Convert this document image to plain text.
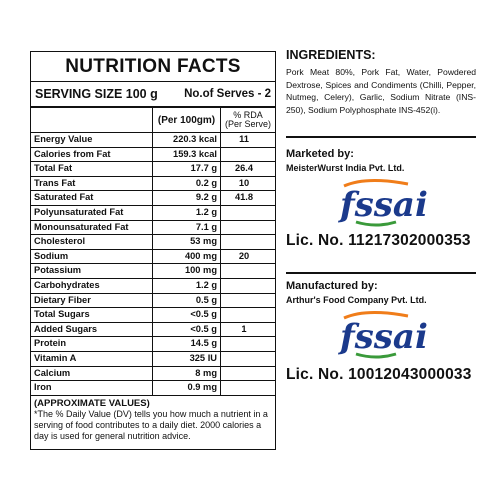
NUTRITION FACTS
SERVING SIZE 100 g No.of Serves - 2
(Per 100gm)	% RDA
(Per Serve)
Energy Value	220.3 kcal	11
Calories from Fat	159.3 kcal
Total Fat	17.7 g	26.4
Trans Fat	0.2 g	10
Saturated Fat	9.2 g	41.8
Polyunsaturated Fat	1.2 g
Monounsaturated Fat	7.1 g
Cholesterol	53 mg
Sodium	400 mg	20
Potassium	100 mg
Carbohydrates	1.2 g
Dietary Fiber	0.5 g
Total Sugars	<0.5 g
Added Sugars	<0.5 g	1
Protein	14.5 g
Vitamin A	325 IU
Calcium	8 mg
Iron	0.9 mg
(APPROXIMATE VALUES)
*The % Daily Value (DV) tells you how much a nutrient in a serving of food contributes to a daily diet. 2000 calories a day is used for general nutrition advice.
INGREDIENTS:
Pork Meat 80%, Pork Fat, Water, Powdered Dextrose, Spices and Condiments (Chilli, Pepper, Nutmeg, Celery), Garlic, Sodium Nitrate (INS-250), Sodium Polyphosphate INS-452(i).
Marketed by:
MeisterWurst India Pvt. Ltd.
fssai
Lic. No. 11217302000353
Manufactured by:
Arthur's Food Company Pvt. Ltd.
fssai
Lic. No. 10012043000033
